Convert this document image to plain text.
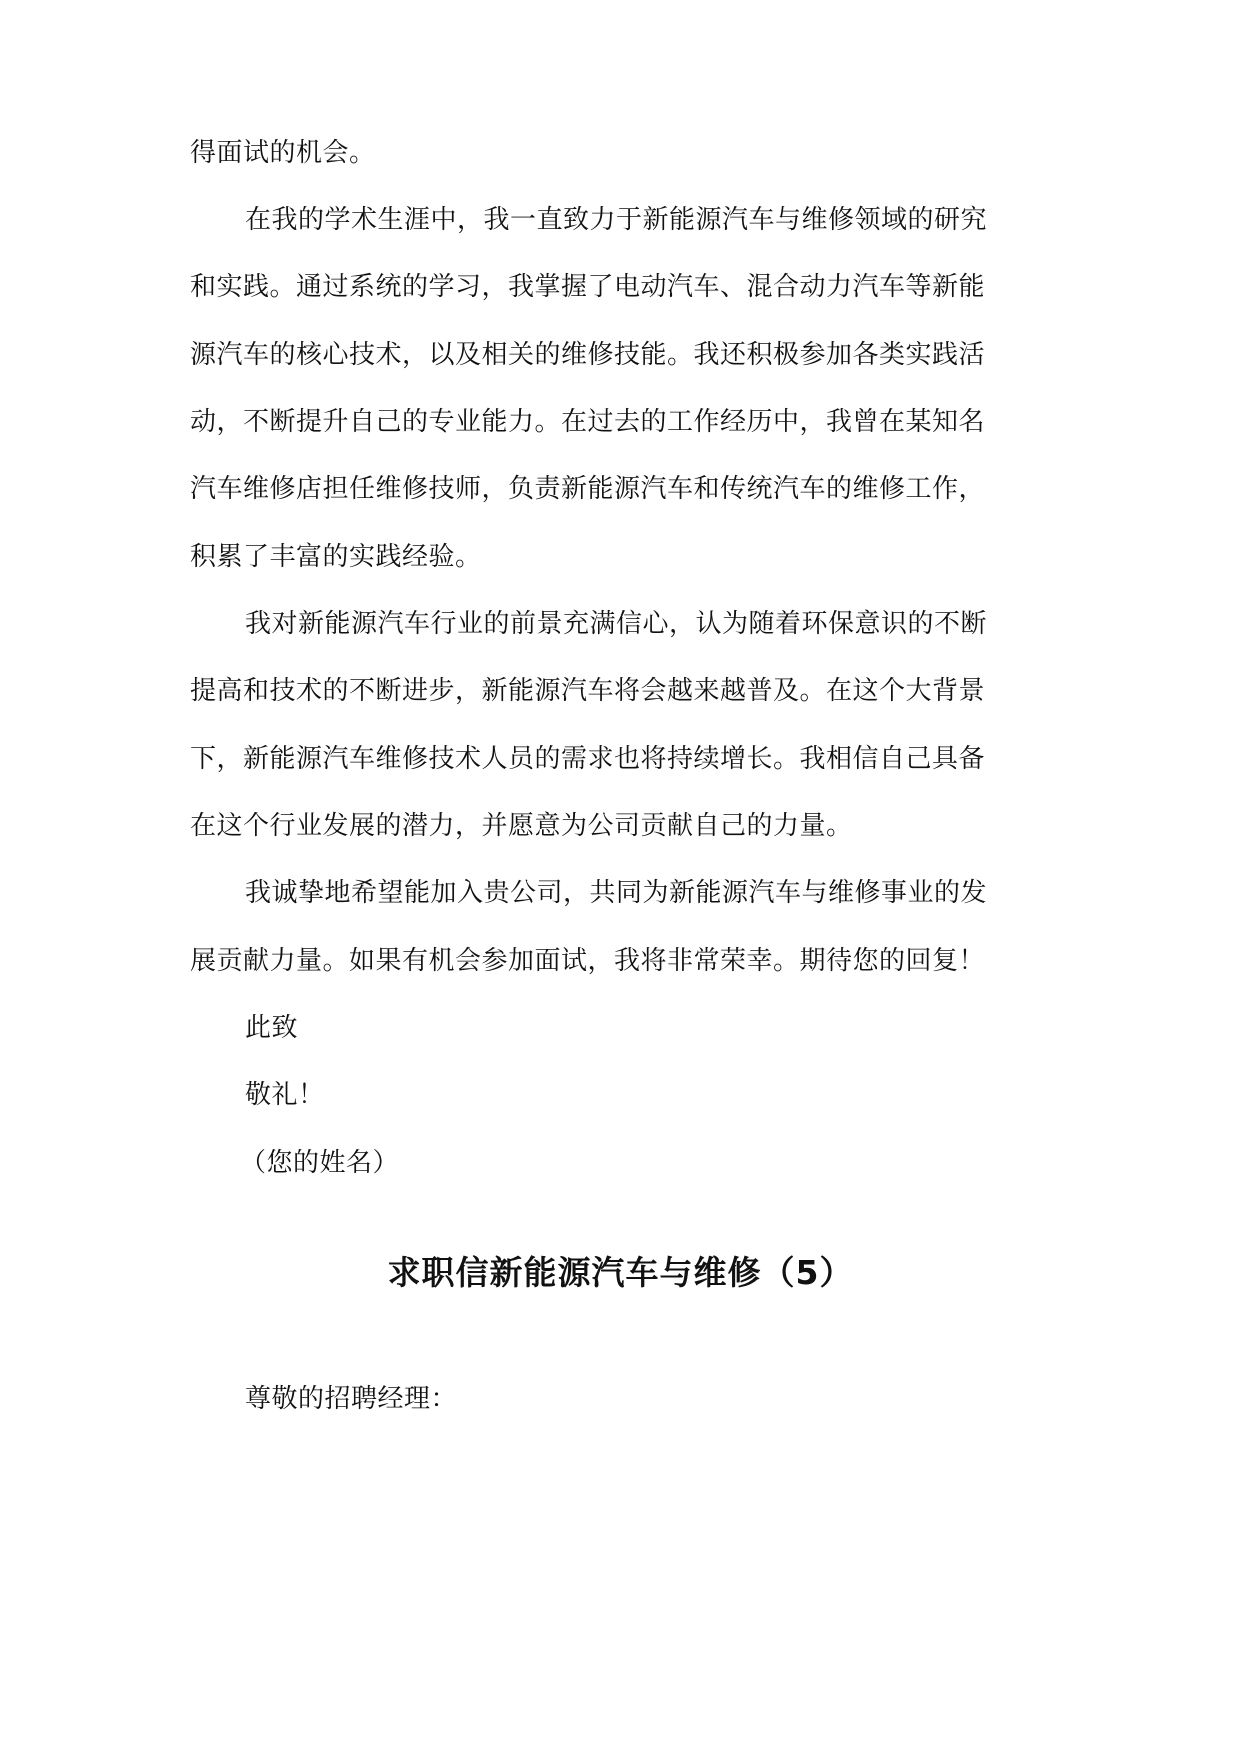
得面试的机会。
在我的学术生涯中，我一直致力于新能源汽车与维修领域的研究
和实践。通过系统的学习，我掌握了电动汽车、混合动力汽车等新能
源汽车的核心技术，以及相关的维修技能。我还积极参加各类实践活
动，不断提升自己的专业能力。在过去的工作经历中，我曾在某知名
汽车维修店担任维修技师，负责新能源汽车和传统汽车的维修工作，
积累了丰富的实践经验。
我对新能源汽车行业的前景充满信心，认为随着环保意识的不断
提高和技术的不断进步，新能源汽车将会越来越普及。在这个大背景
下，新能源汽车维修技术人员的需求也将持续增长。我相信自己具备
在这个行业发展的潜力，并愿意为公司贡献自己的力量。
我诚挚地希望能加入贵公司，共同为新能源汽车与维修事业的发
展贡献力量。如果有机会参加面试，我将非常荣幸。期待您的回复！
此致
敬礼！
（您的姓名）
求职信新能源汽车与维修（5）
尊敬的招聘经理：
